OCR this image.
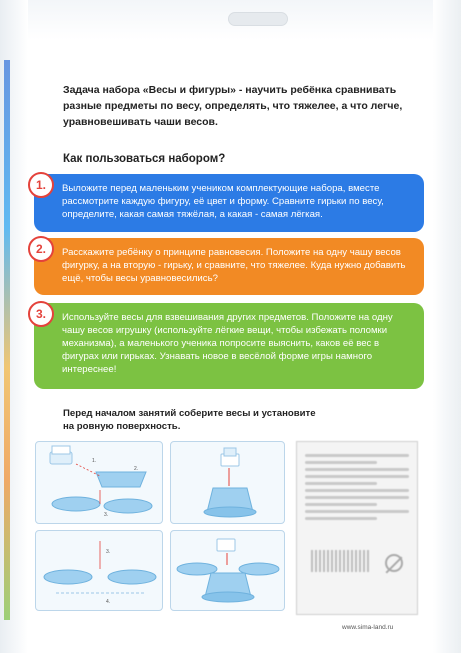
Задача набора «Весы и фигуры» - научить ребёнка сравнивать разные предметы по весу, определять, что тяжелее, а что легче, уравновешивать чаши весов.

Как пользоваться набором?
1.	Выложите перед маленьким учеником комплектующие набора, вместе рассмотрите каждую фигуру, её цвет и форму. Сравните гирьки по весу, определите, какая самая тяжёлая, а какая - самая лёгкая.

2.	Расскажите ребёнку о принципе равновесия. Положите на одну чашу весов фигурку, а на вторую - гирьку, и сравните, что тяжелее. Куда нужно добавить ещё, чтобы весы уравновесились?

3.	Используйте весы для взвешивания других предметов. Положите на одну чашу весов игрушку (используйте лёгкие вещи, чтобы избежать поломки механизма), а маленького ученика попросите выяснить, каков её вес в фигурах или гирьках. Узнавать новое в весёлой форме игры намного интереснее!

Перед началом занятий соберите весы и установите на ровную поверхность.

1.
2.
3.
3.
4.
www.sima-land.ru
